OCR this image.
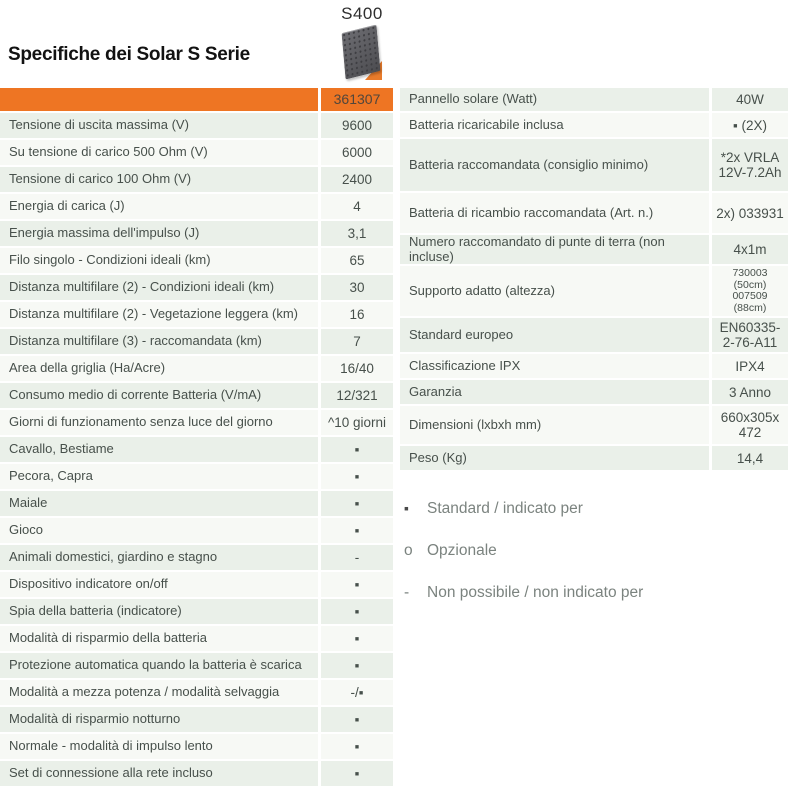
Specifiche dei Solar S Serie
S400
361307
Tensione di uscita massima (V)	9600
Su tensione di carico 500 Ohm (V)	6000
Tensione di carico 100 Ohm (V)	2400
Energia di carica (J)	4
Energia massima dell'impulso (J)	3,1
Filo singolo - Condizioni ideali (km)	65
Distanza multifilare (2) - Condizioni ideali (km)	30
Distanza multifilare (2) - Vegetazione leggera (km)	16
Distanza multifilare (3) - raccomandata (km)	7
Area della griglia (Ha/Acre)	16/40
Consumo medio di corrente Batteria (V/mA)	12/321
Giorni di funzionamento senza luce del giorno	^10 giorni
Cavallo, Bestiame	▪
Pecora, Capra	▪
Maiale	▪
Gioco	▪
Animali domestici, giardino e stagno	-
Dispositivo indicatore on/off	▪
Spia della batteria (indicatore)	▪
Modalità di risparmio della batteria	▪
Protezione automatica quando la batteria è scarica	▪
Modalità a mezza potenza / modalità selvaggia	-/▪
Modalità di risparmio notturno	▪
Normale - modalità di impulso lento	▪
Set di connessione alla rete incluso	▪
Pannello solare (Watt)	40W
Batteria ricaricabile inclusa	▪ (2X)
Batteria raccomandata (consiglio minimo)	*2x VRLA
12V-7.2Ah
Batteria di ricambio raccomandata (Art. n.)	2x) 033931
Numero raccomandato di punte di terra (non incluse)	4x1m
Supporto adatto (altezza)
730003
(50cm)
007509
(88cm)
Standard europeo	EN60335-
2-76-A11
Classificazione IPX	IPX4
Garanzia	3 Anno
Dimensioni (lxbxh mm)	660x305x
472
Peso (Kg)	14,4
▪	Standard / indicato per
o Opzionale
-	Non possibile / non indicato per
